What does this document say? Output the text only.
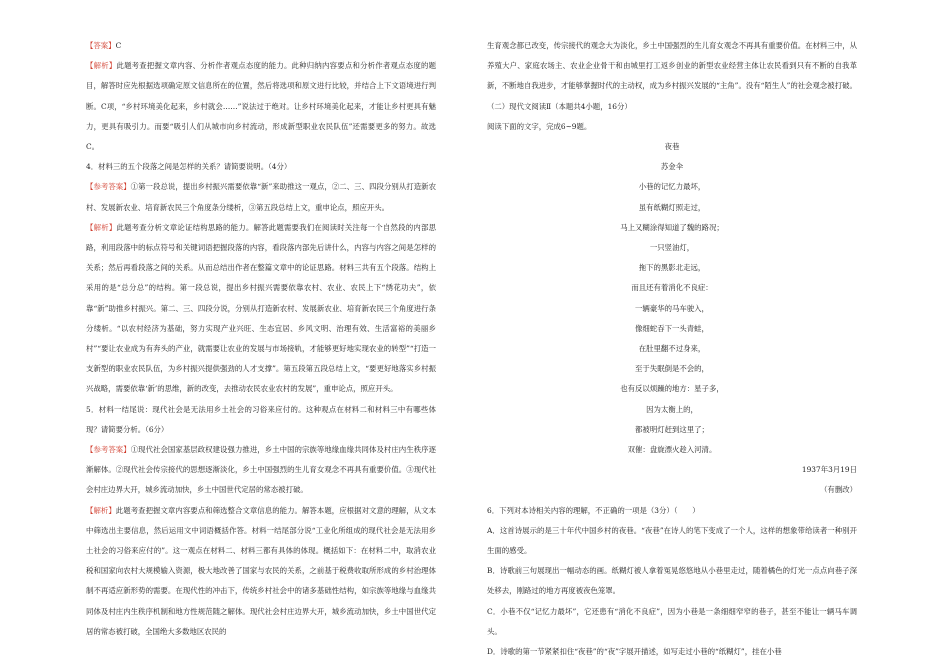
【答案】C

【解析】此题考查把握文章内容、分析作者观点态度的能力。此种归纳内容要点和分析作者观点态度的题目，解答时应先根据选项确定原文信息所在的位置，然后将选项和原文进行比较，并结合上下文语境进行判断。C项，“乡村环境美化起来，乡村就会……”说法过于绝对。让乡村环境美化起来，才能让乡村更具有魅力，更具有吸引力。而要“吸引人们从城市向乡村流动，形成新型职业农民队伍”还需要更多的努力。故选C。

4．材料三的五个段落之间是怎样的关系？请简要说明。（4分）

【参考答案】①第一段总说，提出乡村振兴需要依靠“新”来助推这一观点，②二、三、四段分别从打造新农村、发展新农业、培育新农民三个角度条分缕析，③第五段总结上文，重申论点，照应开头。

【解析】此题考查分析文章论证结构思路的能力。解答此题需要我们在阅读时关注每一个自然段的内部思路，利用段落中的标点符号和关键词语把握段落的内容，看段落内部先后讲什么，内容与内容之间是怎样的关系；然后再看段落之间的关系。从而总结出作者在整篇文章中的论证思路。材料三共有五个段落。结构上采用的是“总分总”的结构。第一段总说，提出乡村振兴需要依靠农村、农业、农民上下“绣花功夫”，依靠“新”助推乡村振兴。第二、三、四段分说，分别从打造新农村、发展新农业、培育新农民三个角度进行条分缕析。“以农村经济为基础，努力实现产业兴旺、生态宜居、乡风文明、治理有效、生活富裕的美丽乡村”“要让农业成为有奔头的产业，就需要让农业的发展与市场接轨，才能够更好地实现农业的转型”“打造一支新型的职业农民队伍，为乡村振兴提供强劲的人才支撑”。第五段第五段总结上文，“要更好地落实乡村振兴战略，需要依靠‘新’的思维，新的改变，去推动农民农业农村的发展”，重申论点，照应开头。

5．材料一结尾说：现代社会是无法用乡土社会的习俗来应付的。这种观点在材料二和材料三中有哪些体现？请简要分析。（6分）

【参考答案】①现代社会国家基层政权建设强力推进，乡土中国的宗族等地缘血缘共同体及村庄内生秩序逐渐解体。②现代社会传宗接代的思想逐渐淡化，乡土中国强烈的生儿育女观念不再具有重要价值。③现代社会村庄边界大开，城乡流动加快，乡土中国世代定居的常态被打破。

【解析】此题考查把握文章内容要点和筛选整合文章信息的能力。解答本题，应根据对文意的理解，从文本中筛选出主要信息，然后运用文中词语概括作答。材料一结尾部分说“工业化所组成的现代社会是无法用乡土社会的习俗来应付的”。这一观点在材料二、材料三都有具体的体现。概括如下：在材料二中，取消农业税和国家向农村大规模输入资源，极大地改善了国家与农民的关系，之前基于税费收取所形成的乡村治理体制不再适应新形势的需要。在现代性的冲击下，传统乡村社会中的诸多基础性结构，如宗族等地缘与血缘共同体及村庄内生秩序机制和地方性规范随之解体。现代社会村庄边界大开，城乡流动加快，乡土中国世代定居的常态被打破，全国绝大多数地区农民的

生育观念都已改变，传宗接代的观念大为淡化，乡土中国强烈的生儿育女观念不再具有重要价值。在材料三中，从养殖大户、家庭农场主、农业企业骨干和由城里打工返乡创业的新型农业经营主体让农民看到只有不断的自我革新，不断地自我进步，才能够掌握时代的主动权，成为乡村振兴发展的“主角”。没有“陌生人”的社会观念被打破。

（二）现代文阅读Ⅱ（本题共4小题，16分）

阅读下面的文字，完成6~9题。

夜巷

苏金伞

小巷的记忆力最坏，

虽有纸糊灯照走过，

马上又糊涂得知道了魏的路况；

一只竖油灯，

拖下的黑影北走远，

而且还有着消化不良症：

一辆豪华的马车驶入，

像细蛇吞下一头青蛙，

在肚里翻不过身来，

至于失眠倒是不会的，

也有反以烦躁的地方：星子多，

因为太衡上的，

都被明灯赶到这里了；

双催：盘旋漂火趁入河清。

1937年3月19日

（有删改）

6．下列对本诗相关内容的理解，不正确的一项是（3分）（　　）

A．这首诗展示的是三十年代中国乡村的夜巷。“夜巷”在诗人的笔下变成了一个人，这样的想象带给读者一种别开生面的感受。

B．诗歌前三句展现出一幅动态的画。纸糊灯被人拿着冤晃悠悠地从小巷里走过，随着橘色的灯光一点点向巷子深处移去，刚路过的地方再度被夜色笼罩。

C．小巷不仅“记忆力最坏”，它还患有“消化不良症”，因为小巷是一条细细窄窄的巷子，甚至不能让一辆马车调头。

D．诗歌的第一节紧紧扣住“夜巷”的“夜”字展开描述，如写走过小巷的“纸糊灯”，挂在小巷
